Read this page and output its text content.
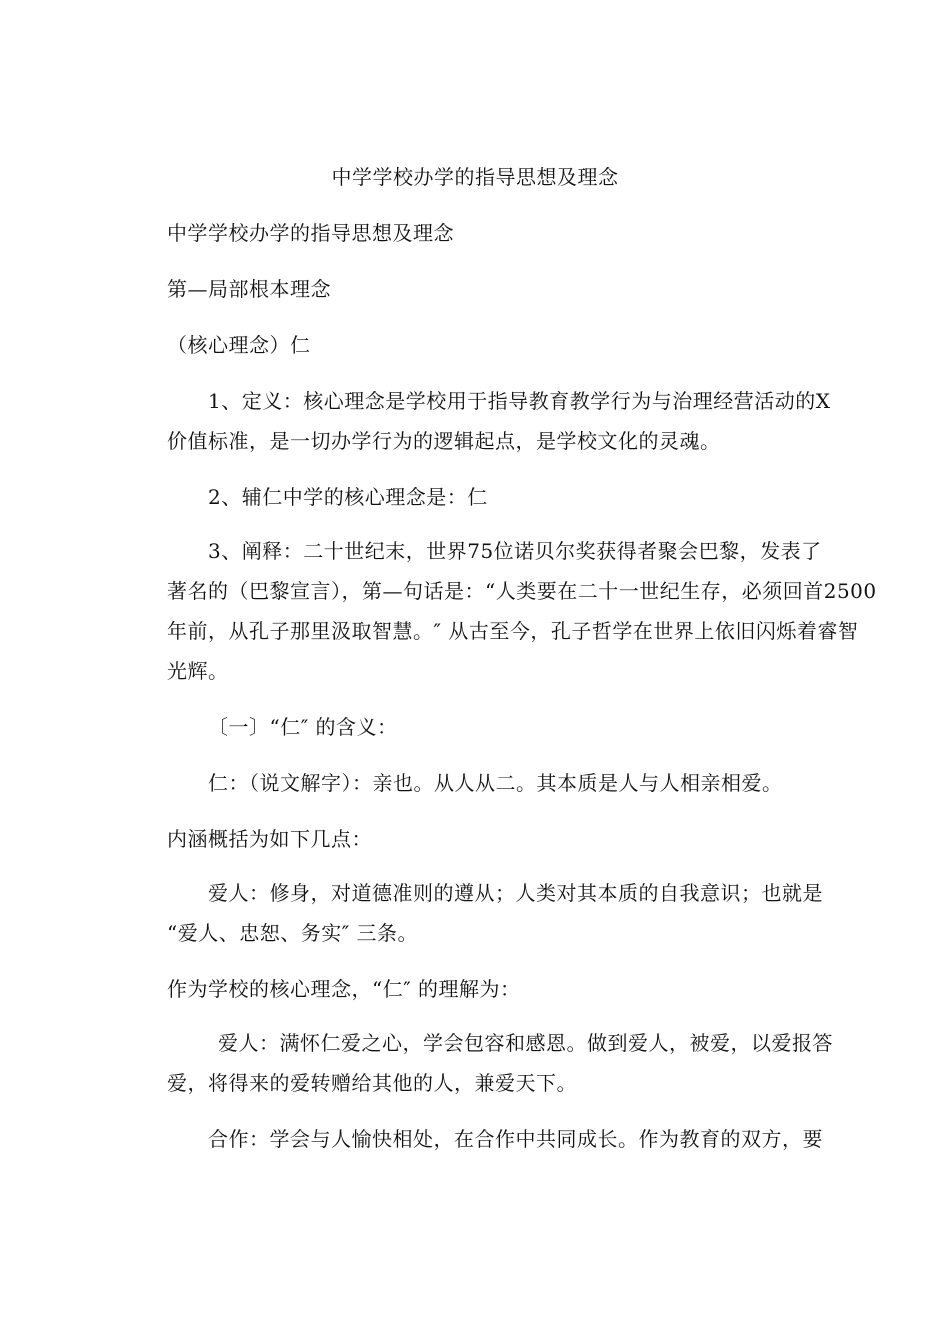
中学学校办学的指导思想及理念
中学学校办学的指导思想及理念
第—局部根本理念
（核心理念）仁
1、定义：核心理念是学校用于指导教育教学行为与治理经营活动的X
价值标准，是一切办学行为的逻辑起点，是学校文化的灵魂。
2、辅仁中学的核心理念是：仁
3、阐释：二十世纪末，世界75位诺贝尔奖获得者聚会巴黎，发表了
著名的（巴黎宣言），第—句话是：“人类要在二十一世纪生存，必须回首2500
年前，从孔子那里汲取智慧。″ 从古至今，孔子哲学在世界上依旧闪烁着睿智
光辉。
〔一〕“仁″ 的含义：
仁：（说文解字）：亲也。从人从二。其本质是人与人相亲相爱。
内涵概括为如下几点：
爱人：修身，对道德准则的遵从；人类对其本质的自我意识；也就是
“爱人、忠恕、务实″ 三条。
作为学校的核心理念，“仁″ 的理解为：
爱人：满怀仁爱之心，学会包容和感恩。做到爱人，被爱，以爱报答
爱，将得来的爱转赠给其他的人，兼爱天下。
合作：学会与人愉快相处，在合作中共同成长。作为教育的双方，要
